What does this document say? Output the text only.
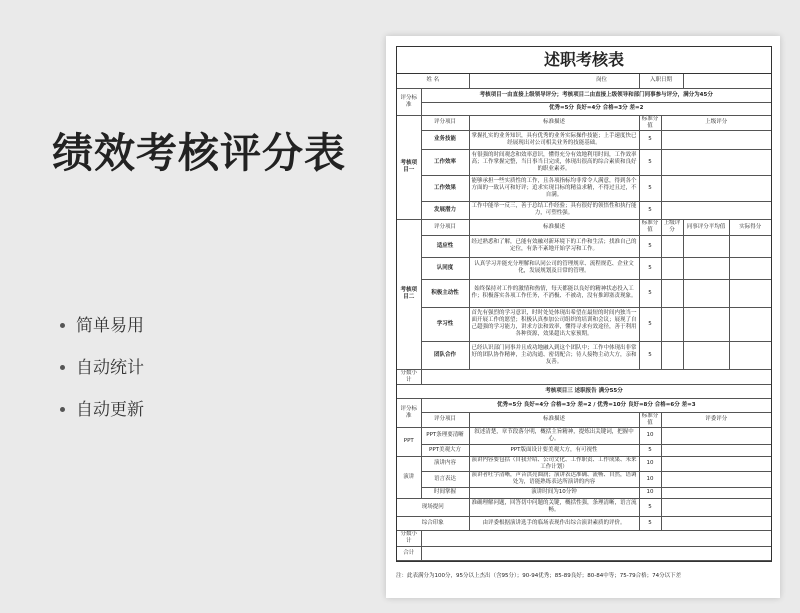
绩效考核评分表
简单易用
自动统计
自动更新
述职考核表
姓 名		岗位	入职日期			
评分标准	考核项目一由直接上级领导评分；考核项目二由直接上级领导和部门同事参与评分，满分为45分					
	优秀=5分 良好=4分 合格=3分 差=2					
考核项目一	评分项目	标准描述	标准分值	上级评分		
	业务技能	掌握扎实的业务知识，具有优秀的业务实际操作技能；上手速度快已经展现出对公司相关业务的技能基础。	5			
	工作效率	有很强的时间观念和效率意识，懂得充分有效地利用时间，工作效率高；工作掌握完整，当日事当日完成，体现出很高的综合素质和良好的职业素养。	5			
	工作效果	能够承担一些实质性的工作，且各项指标均非常令人满意，得到各个方面的一致认可和好评；追求实现目标的精益求精，不得过且过，不自满。	5			
	发展潜力	工作中能举一反三，善于总结工作经验；具有很好的领悟性和执行能力，可塑性强。	5			
考核项目二	评分项目	标准描述	标准分值	上级评分	同事评分平均值	实际得分
	适应性	经过熟悉和了解，已能有效融对新环境下的工作和生活；找准自己的定位，有条不紊地开始学习和工作。	5			
	认同度	认真学习并能充分理解和认同公司的管理规章、流程规范、企业文化，发展规划及日常的管理。	5			
	积极主动性	始终保持对工作的激情和热情，每天都能以良好的精神状态投入工作；积极落实各项工作任务，不消极、不被动，没有推卸塞责现象。	5			
	学习性	首先有强烈的学习意识，时时处处体现出希望在最短的时间内独当一面开展工作的愿望；积极认真参加公司组织的培训和会议；展现了自己超强的学习能力，讲求方法和效率，懂得寻求有效途径，善于利用各种资源，效果超出大家预期。	5			
	团队合作	已经认识部门同事并且成功地融入到这个团队中；工作中体现出非常好的团队协作精神，主动沟通、密切配合；待人接物主动大方，亲和友善。	5			
分数小计						
考核项目三 述职报告 满分55分						
评分标准	优秀=5分 良好=4分 合格=3分 差=2 / 优秀=10分 良好=8分 合格=6分 差=3					
	评分项目	标准描述	标准分值	评委评分		
PPT	PPT条理要清晰	叙述清楚，章节段落分明，概括主旨精神，提炼出关键词，把握中心。	10			
	PPT美观大方	PPT版面设计要美观大方，有可视性	5			
演讲	演讲内容	演讲内容要包括（自我介绍、公司文化、工作职责、工作成果、未来工作计划）	10			
	语言表达	演讲者吐字清晰，声音洪亮圆润；演讲表达准确、流畅、自然，语调处为，语能熟练表达所演讲的内容	10			
	时间掌握	演讲时间为10分钟	10			
现场提问		准确理解问题，回答切中问题的关键，概括性强，条理清晰，语言流畅。	5			
综合印象		由评委根据演讲选手的临场表现作出综合演讲素质的评价。	5			
分数小计						
合计						
注：此表满分为100分，95分以上杰出（含95分）；90-94优秀；85-89良好；80-84中等；75-79合格；74分以下差
